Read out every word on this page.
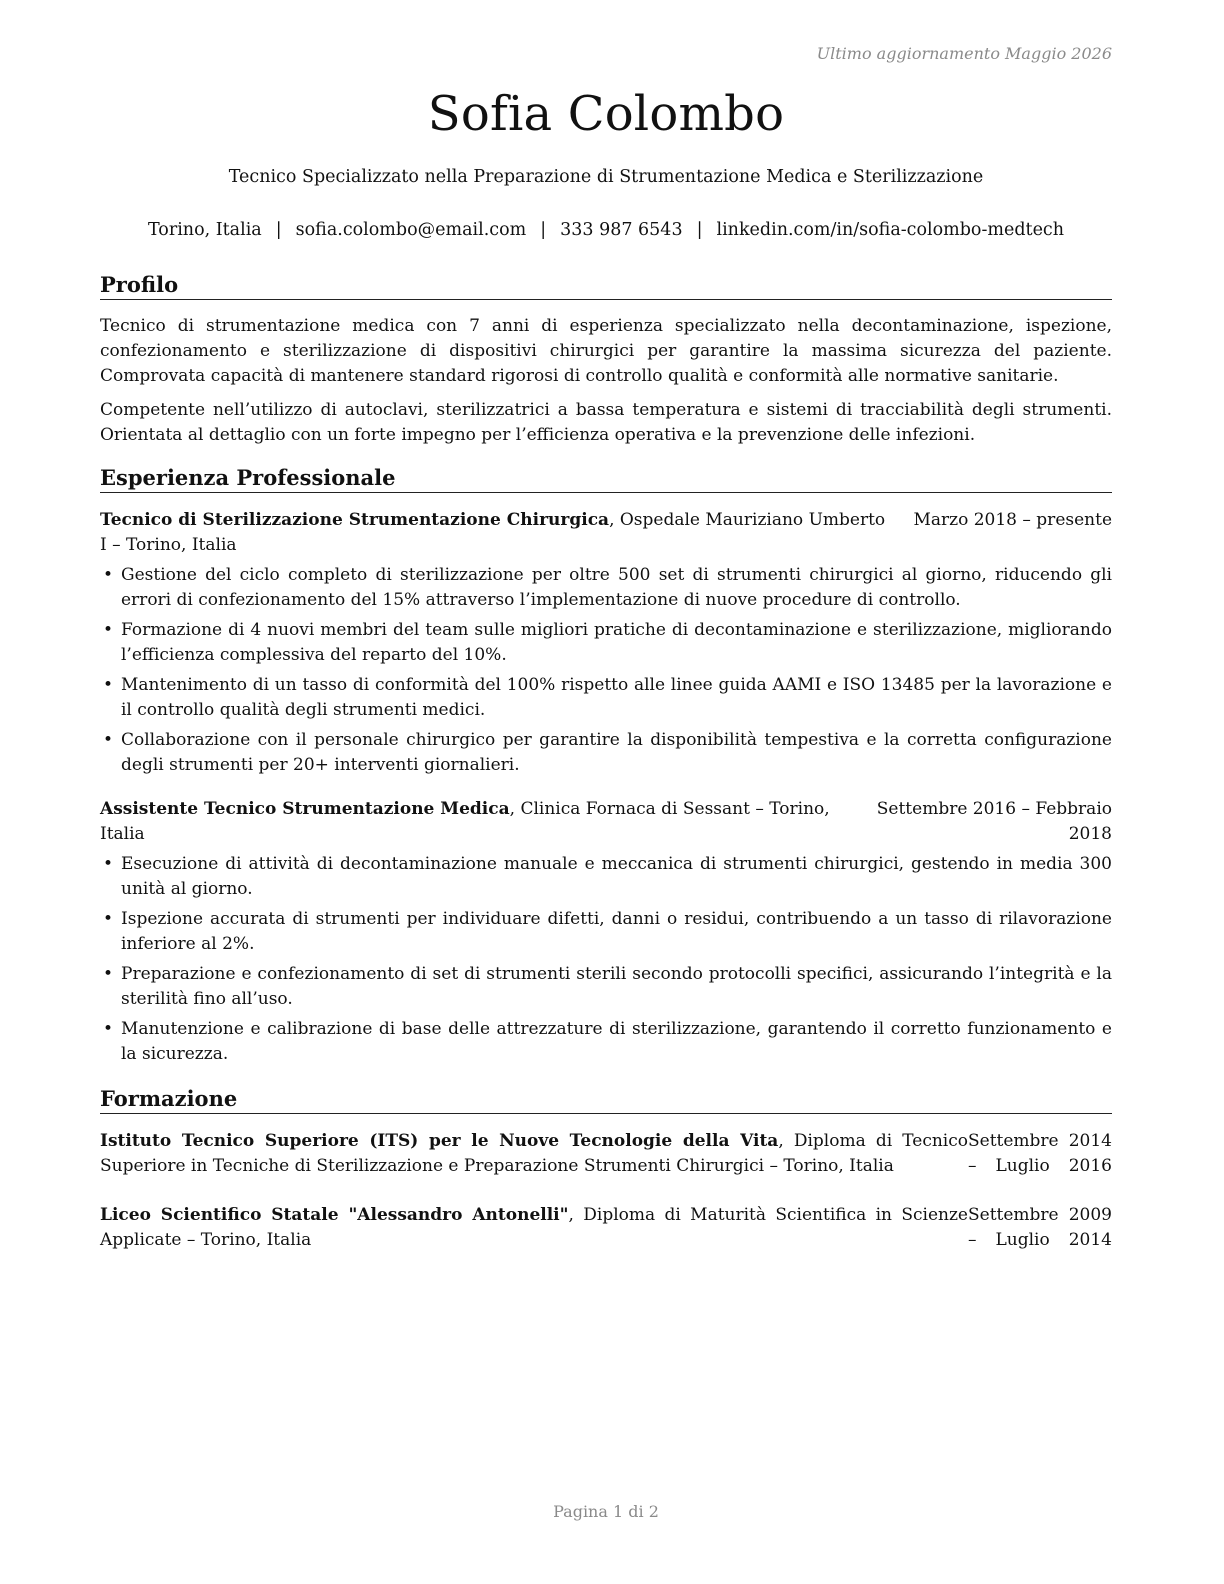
Ultimo aggiornamento Maggio 2026
Sofia Colombo
Tecnico Specializzato nella Preparazione di Strumentazione Medica e Sterilizzazione
Torino, Italia | sofia.colombo@email.com | 333 987 6543 | linkedin.com/in/sofia-colombo-medtech
Profilo

Tecnico di strumentazione medica con 7 anni di esperienza specializzato nella decontaminazione, ispezione, confezionamento e sterilizzazione di dispositivi chirurgici per garantire la massima sicurezza del paziente. Comprovata capacità di mantenere standard rigorosi di controllo qualità e conformità alle normative sanitarie.

Competente nell’utilizzo di autoclavi, sterilizzatrici a bassa temperatura e sistemi di tracciabilità degli strumenti. Orientata al dettaglio con un forte impegno per l’efficienza operativa e la prevenzione delle infezioni.

Esperienza Professionale
Tecnico di Sterilizzazione Strumentazione Chirurgica, Ospedale Mauriziano Umberto I – Torino, Italia
Marzo 2018 – presente
• Gestione del ciclo completo di sterilizzazione per oltre 500 set di strumenti chirurgici al giorno, riducendo gli errori di confezionamento del 15% attraverso l’implementazione di nuove procedure di controllo.
• Formazione di 4 nuovi membri del team sulle migliori pratiche di decontaminazione e sterilizzazione, migliorando l’efficienza complessiva del reparto del 10%.
• Mantenimento di un tasso di conformità del 100% rispetto alle linee guida AAMI e ISO 13485 per la lavorazione e il controllo qualità degli strumenti medici.
• Collaborazione con il personale chirurgico per garantire la disponibilità tempestiva e la corretta configurazione degli strumenti per 20+ interventi giornalieri.
Assistente Tecnico Strumentazione Medica, Clinica Fornaca di Sessant – Torino, Italia
Settembre 2016 – Febbraio 2018
• Esecuzione di attività di decontaminazione manuale e meccanica di strumenti chirurgici, gestendo in media 300 unità al giorno.
• Ispezione accurata di strumenti per individuare difetti, danni o residui, contribuendo a un tasso di rilavorazione inferiore al 2%.
• Preparazione e confezionamento di set di strumenti sterili secondo protocolli specifici, assicurando l’integrità e la sterilità fino all’uso.
• Manutenzione e calibrazione di base delle attrezzature di sterilizzazione, garantendo il corretto funzionamento e la sicurezza.
Formazione
Istituto Tecnico Superiore (ITS) per le Nuove Tecnologie della Vita, Diploma di Tecnico Superiore in Tecniche di Sterilizzazione e Preparazione Strumenti Chirurgici – Torino, Italia
Settembre 2014 – Luglio 2016
Liceo Scientifico Statale "Alessandro Antonelli", Diploma di Maturità Scientifica in Scienze Applicate – Torino, Italia
Settembre 2009 – Luglio 2014
Pagina 1 di 2
